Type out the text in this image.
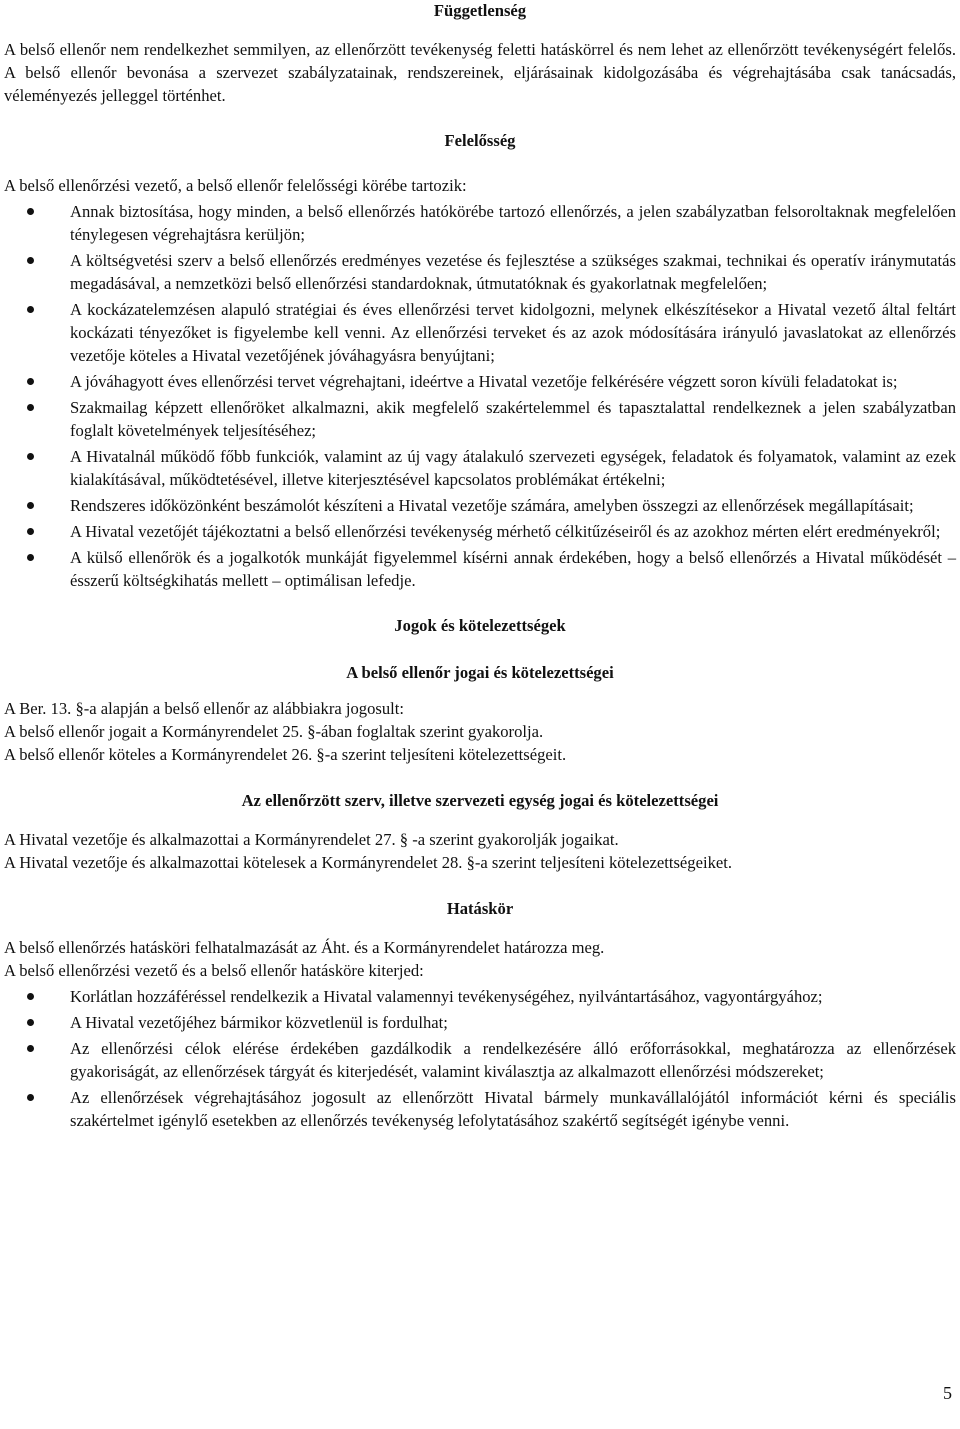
Függetlenség

A belső ellenőr nem rendelkezhet semmilyen, az ellenőrzött tevékenység feletti hatáskörrel és nem lehet az ellenőrzött tevékenységért felelős. A belső ellenőr bevonása a szervezet szabályzatainak, rendszereinek, eljárásainak kidolgozásába és végrehajtásába csak tanácsadás, véleményezés jelleggel történhet.

Felelősség

A belső ellenőrzési vezető, a belső ellenőr felelősségi körébe tartozik:

Annak biztosítása, hogy minden, a belső ellenőrzés hatókörébe tartozó ellenőrzés, a jelen szabályzatban felsoroltaknak megfelelően ténylegesen végrehajtásra kerüljön;
A költségvetési szerv a belső ellenőrzés eredményes vezetése és fejlesztése a szükséges szakmai, technikai és operatív iránymutatás megadásával, a nemzetközi belső ellenőrzési standardoknak, útmutatóknak és gyakorlatnak megfelelően;
A kockázatelemzésen alapuló stratégiai és éves ellenőrzési tervet kidolgozni, melynek elkészítésekor a Hivatal vezető által feltárt kockázati tényezőket is figyelembe kell venni. Az ellenőrzési terveket és az azok módosítására irányuló javaslatokat az ellenőrzés vezetője köteles a Hivatal vezetőjének jóváhagyásra benyújtani;
A jóváhagyott éves ellenőrzési tervet végrehajtani, ideértve a Hivatal vezetője felkérésére végzett soron kívüli feladatokat is;
Szakmailag képzett ellenőröket alkalmazni, akik megfelelő szakértelemmel és tapasztalattal rendelkeznek a jelen szabályzatban foglalt követelmények teljesítéséhez;
A Hivatalnál működő főbb funkciók, valamint az új vagy átalakuló szervezeti egységek, feladatok és folyamatok, valamint az ezek kialakításával, működtetésével, illetve kiterjesztésével kapcsolatos problémákat értékelni;
Rendszeres időközönként beszámolót készíteni a Hivatal vezetője számára, amelyben összegzi az ellenőrzések megállapításait;
A Hivatal vezetőjét tájékoztatni a belső ellenőrzési tevékenység mérhető célkitűzéseiről és az azokhoz mérten elért eredményekről;
A külső ellenőrök és a jogalkotók munkáját figyelemmel kísérni annak érdekében, hogy a belső ellenőrzés a Hivatal működését – ésszerű költségkihatás mellett – optimálisan lefedje.
Jogok és kötelezettségek
A belső ellenőr jogai és kötelezettségei

A Ber. 13. §-a alapján a belső ellenőr az alábbiakra jogosult:

A belső ellenőr jogait a Kormányrendelet 25. §-ában foglaltak szerint gyakorolja.

A belső ellenőr köteles a Kormányrendelet 26. §-a szerint teljesíteni kötelezettségeit.

Az ellenőrzött szerv, illetve szervezeti egység jogai és kötelezettségei

A Hivatal vezetője és alkalmazottai a Kormányrendelet 27. § -a szerint gyakorolják jogaikat.

A Hivatal vezetője és alkalmazottai kötelesek a Kormányrendelet 28. §-a szerint teljesíteni kötelezettségeiket.

Hatáskör

A belső ellenőrzés hatásköri felhatalmazását az Áht. és a Kormányrendelet határozza meg.

A belső ellenőrzési vezető és a belső ellenőr hatásköre kiterjed:

Korlátlan hozzáféréssel rendelkezik a Hivatal valamennyi tevékenységéhez, nyilvántartásához, vagyontárgyához;
A Hivatal vezetőjéhez bármikor közvetlenül is fordulhat;
Az ellenőrzési célok elérése érdekében gazdálkodik a rendelkezésére álló erőforrásokkal, meghatározza az ellenőrzések gyakoriságát, az ellenőrzések tárgyát és kiterjedését, valamint kiválasztja az alkalmazott ellenőrzési módszereket;
Az ellenőrzések végrehajtásához jogosult az ellenőrzött Hivatal bármely munkavállalójától információt kérni és speciális szakértelmet igénylő esetekben az ellenőrzés tevékenység lefolytatásához szakértő segítségét igénybe venni.
5
